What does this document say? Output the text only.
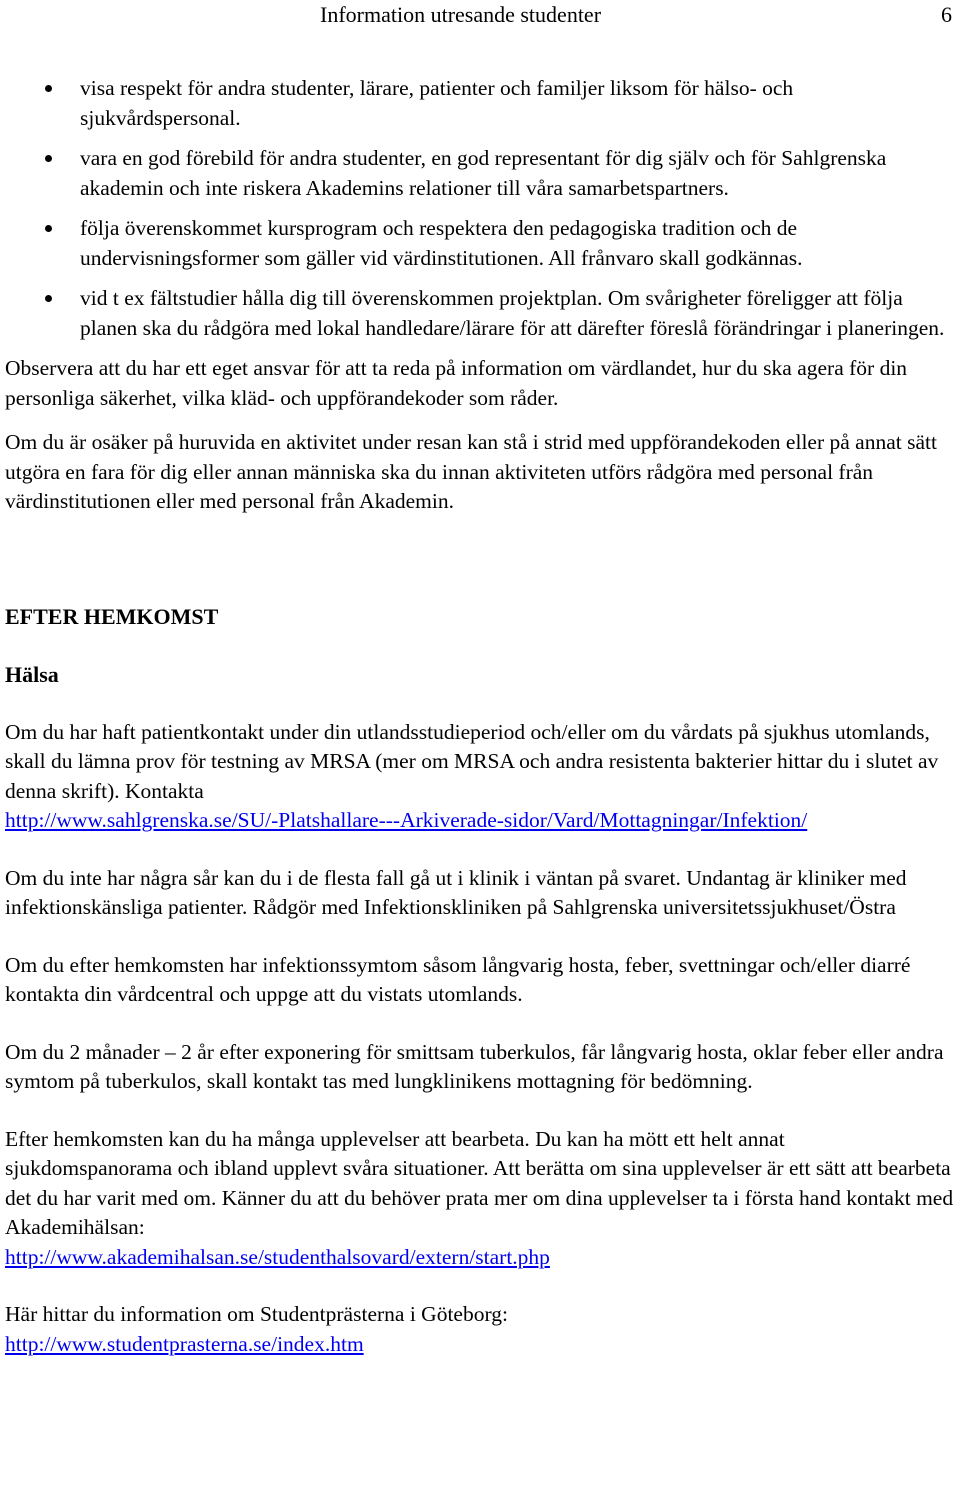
Information utresande studenter	6
visa respekt för andra studenter, lärare, patienter och familjer liksom för hälso- och sjukvårdspersonal.
vara en god förebild för andra studenter, en god representant för dig själv och för Sahlgrenska akademin och inte riskera Akademins relationer till våra samarbetspartners.
följa överenskommet kursprogram och respektera den pedagogiska tradition och de undervisningsformer som gäller vid värdinstitutionen. All frånvaro skall godkännas.
vid t ex fältstudier hålla dig till överenskommen projektplan. Om svårigheter föreligger att följa planen ska du rådgöra med lokal handledare/lärare för att därefter föreslå förändringar i planeringen.

Observera att du har ett eget ansvar för att ta reda på information om värdlandet, hur du ska agera för din personliga säkerhet, vilka kläd- och uppförandekoder som råder.

Om du är osäker på huruvida en aktivitet under resan kan stå i strid med uppförandekoden eller på annat sätt utgöra en fara för dig eller annan människa ska du innan aktiviteten utförs rådgöra med personal från värdinstitutionen eller med personal från Akademin.

EFTER HEMKOMST
Hälsa

Om du har haft patientkontakt under din utlandsstudieperiod och/eller om du vårdats på sjukhus utomlands, skall du lämna prov för testning av MRSA (mer om MRSA och andra resistenta bakterier hittar du i slutet av denna skrift). Kontakta
http://www.sahlgrenska.se/SU/-Platshallare---Arkiverade-sidor/Vard/Mottagningar/Infektion/

Om du inte har några sår kan du i de flesta fall gå ut i klinik i väntan på svaret. Undantag är kliniker med infektionskänsliga patienter. Rådgör med Infektionskliniken på Sahlgrenska universitetssjukhuset/Östra

Om du efter hemkomsten har infektionssymtom såsom långvarig hosta, feber, svettningar och/eller diarré kontakta din vårdcentral och uppge att du vistats utomlands.

Om du 2 månader – 2 år efter exponering för smittsam tuberkulos, får långvarig hosta, oklar feber eller andra symtom på tuberkulos, skall kontakt tas med lungklinikens mottagning för bedömning.

Efter hemkomsten kan du ha många upplevelser att bearbeta. Du kan ha mött ett helt annat sjukdomspanorama och ibland upplevt svåra situationer. Att berätta om sina upplevelser är ett sätt att bearbeta det du har varit med om. Känner du att du behöver prata mer om dina upplevelser ta i första hand kontakt med Akademihälsan:
http://www.akademihalsan.se/studenthalsovard/extern/start.php

Här hittar du information om Studentprästerna i Göteborg:
http://www.studentprasterna.se/index.htm
